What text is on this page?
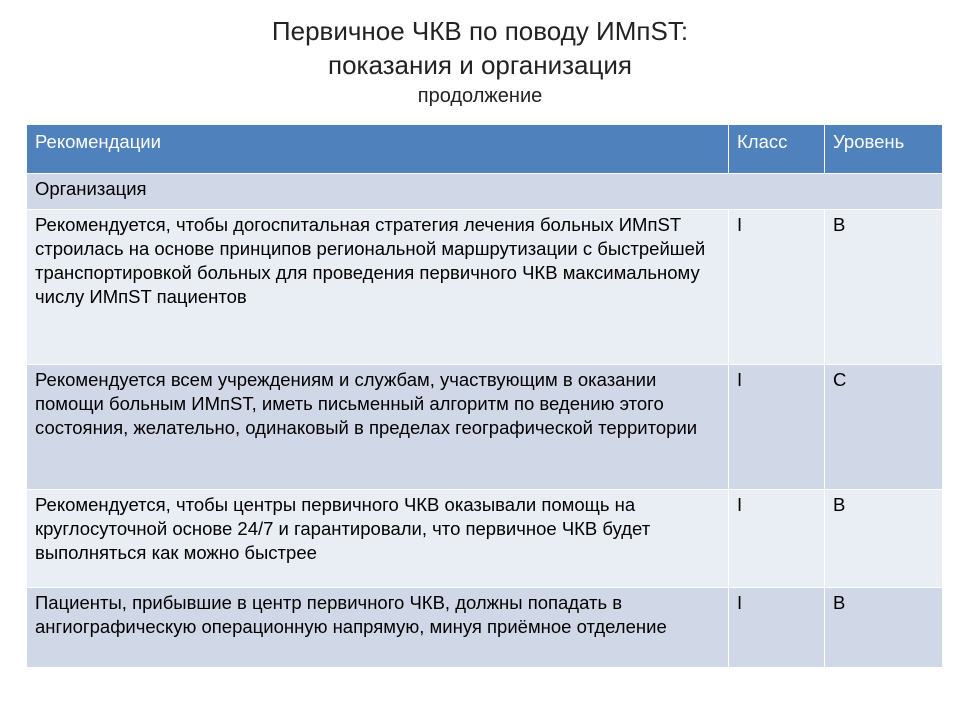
Первичное ЧКВ по поводу ИМпST:
показания и организация
продолжение
Рекомендации	Класс	Уровень
Организация		
Рекомендуется, чтобы догоспитальная стратегия лечения больных ИМпST строилась на основе принципов региональной маршрутизации с быстрейшей транспортировкой больных для проведения первичного ЧКВ максимальному числу ИМпST пациентов	I	B
Рекомендуется всем учреждениям и службам, участвующим в оказании помощи больным ИМпST, иметь письменный алгоритм по ведению этого состояния, желательно, одинаковый в пределах географической территории	I	C
Рекомендуется, чтобы центры первичного ЧКВ оказывали помощь на круглосуточной основе 24/7 и гарантировали, что первичное ЧКВ будет выполняться как можно быстрее	I	B
Пациенты, прибывшие в центр первичного ЧКВ, должны попадать в ангиографическую операционную напрямую, минуя приёмное отделение	I	B
